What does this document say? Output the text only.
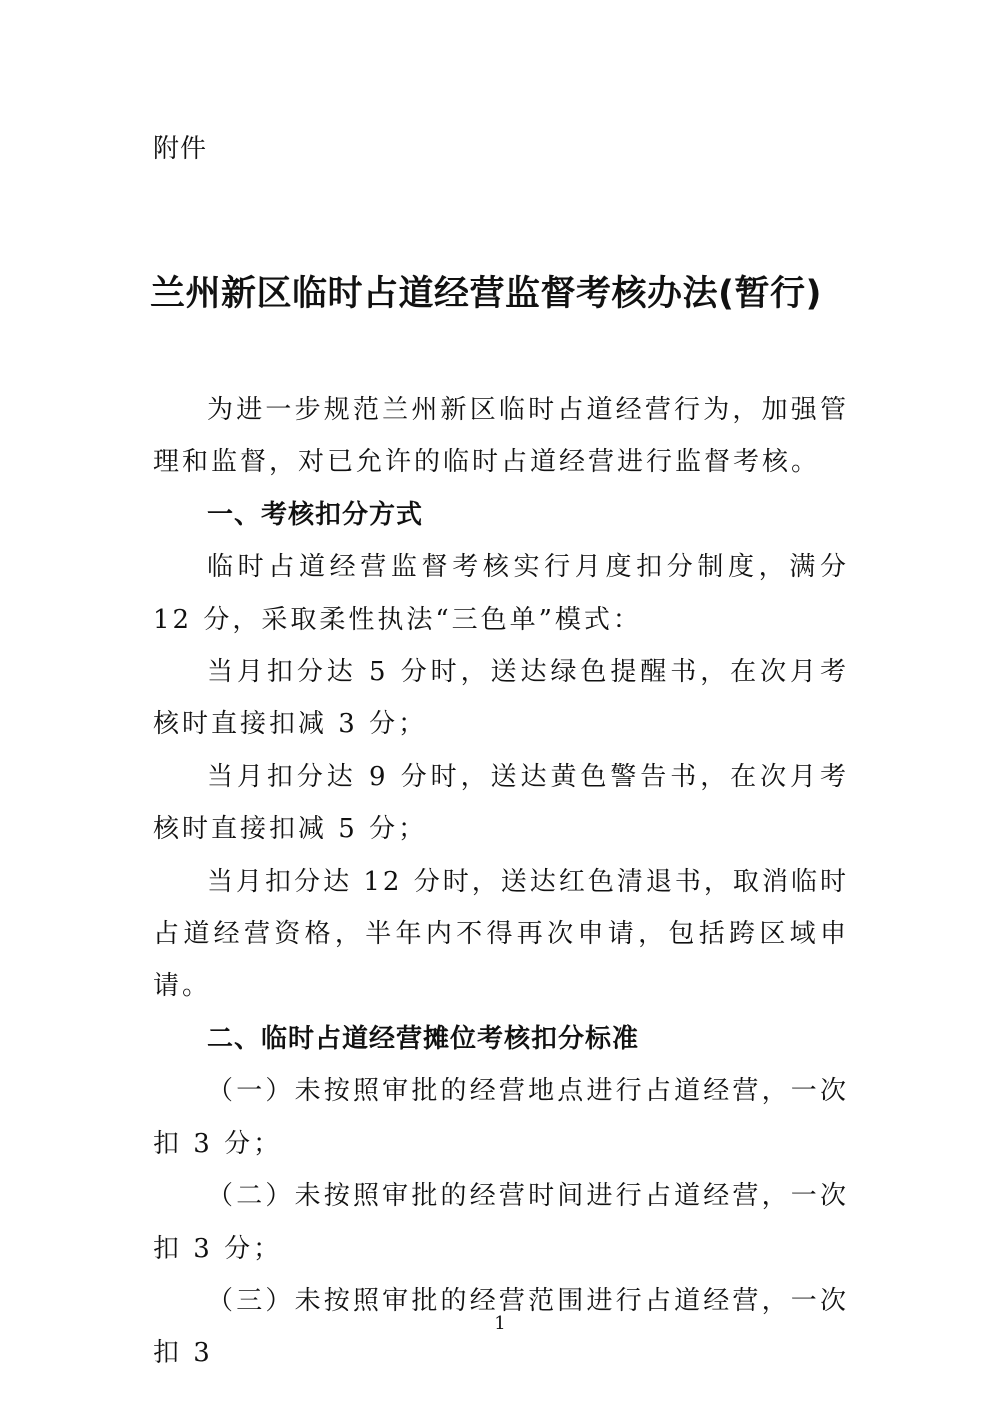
附件
兰州新区临时占道经营监督考核办法(暂行)

为进一步规范兰州新区临时占道经营行为，加强管理和监督，对已允许的临时占道经营进行监督考核。

一、考核扣分方式

临时占道经营监督考核实行月度扣分制度，满分 12 分，采取柔性执法“三色单”模式：

当月扣分达 5 分时，送达绿色提醒书，在次月考核时直接扣减 3 分；

当月扣分达 9 分时，送达黄色警告书，在次月考核时直接扣减 5 分；

当月扣分达 12 分时，送达红色清退书，取消临时占道经营资格，半年内不得再次申请，包括跨区域申请。

二、临时占道经营摊位考核扣分标准

（一）未按照审批的经营地点进行占道经营，一次扣 3 分；

（二）未按照审批的经营时间进行占道经营，一次扣 3 分；

（三）未按照审批的经营范围进行占道经营，一次扣 3

1
